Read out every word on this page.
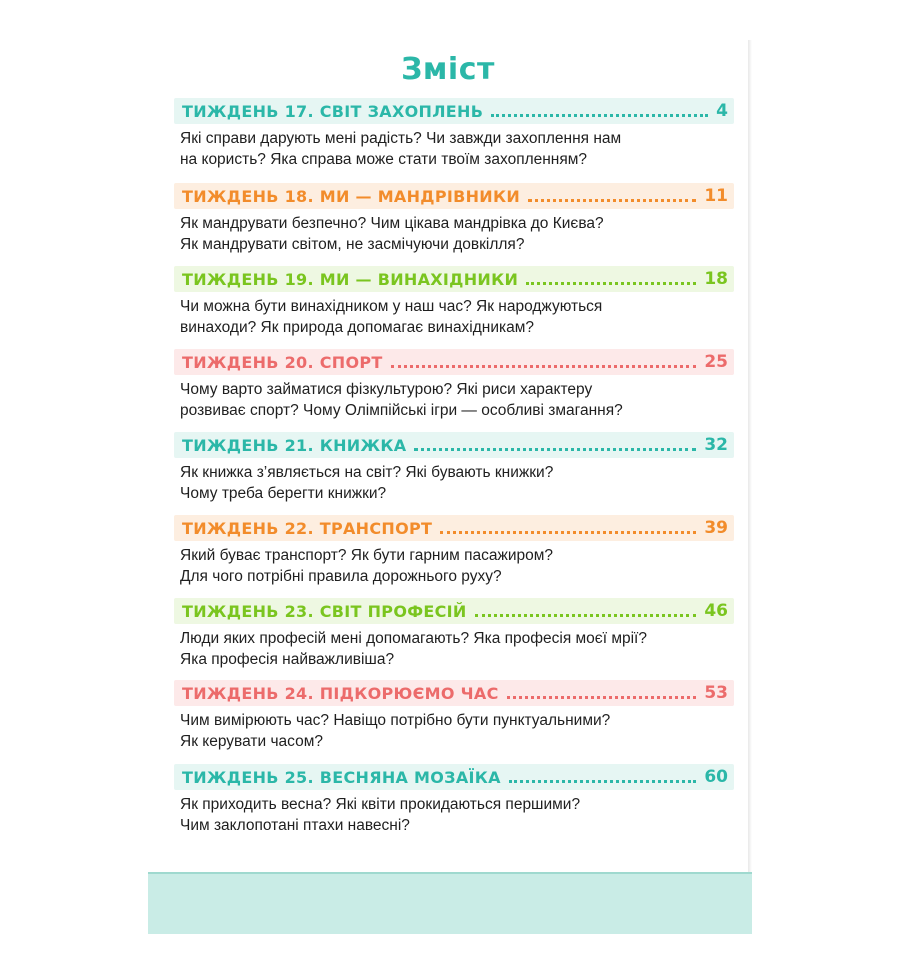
Зміст
ТИЖДЕНЬ 17. СВІТ ЗАХОПЛЕНЬ	4
Які справи дарують мені радість? Чи завжди захоплення нам
на користь? Яка справа може стати твоїм захопленням?
ТИЖДЕНЬ 18. МИ — МАНДРІВНИКИ	11
Як мандрувати безпечно? Чим цікава мандрівка до Києва?
Як мандрувати світом, не засмічуючи довкілля?
ТИЖДЕНЬ 19. МИ — ВИНАХІДНИКИ	18
Чи можна бути винахідником у наш час? Як народжуються
винаходи? Як природа допомагає винахідникам?
ТИЖДЕНЬ 20. СПОРТ	25
Чому варто займатися фізкультурою? Які риси характеру
розвиває спорт? Чому Олімпійські ігри — особливі змагання?
ТИЖДЕНЬ 21. КНИЖКА	32
Як книжка з’являється на світ? Які бувають книжки?
Чому треба берегти книжки?
ТИЖДЕНЬ 22. ТРАНСПОРТ	39
Який буває транспорт? Як бути гарним пасажиром?
Для чого потрібні правила дорожнього руху?
ТИЖДЕНЬ 23. СВІТ ПРОФЕСІЙ	46
Люди яких професій мені допомагають? Яка професія моєї мрії?
Яка професія найважливіша?
ТИЖДЕНЬ 24. ПІДКОРЮЄМО ЧАС	53
Чим вимірюють час? Навіщо потрібно бути пунктуальними?
Як керувати часом?
ТИЖДЕНЬ 25. ВЕСНЯНА МОЗАЇКА	60
Як приходить весна? Які квіти прокидаються першими?
Чим заклопотані птахи навесні?
